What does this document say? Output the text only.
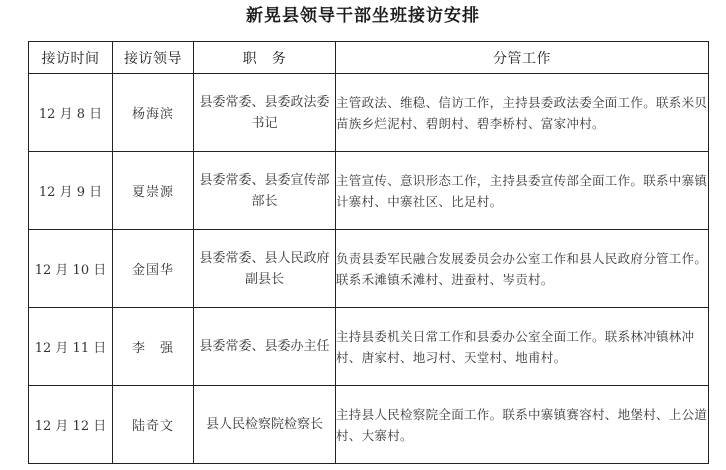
新晃县领导干部坐班接访安排
接访时间	接访领导	职　务	分管工作
12 月 8 日	杨海滨	县委常委、县委政法委书记	主管政法、维稳、信访工作，主持县委政法委全面工作。联系米贝苗族乡烂泥村、碧朗村、碧李桥村、富家冲村。
12 月 9 日	夏崇源	县委常委、县委宣传部部长	主管宣传、意识形态工作，主持县委宣传部全面工作。联系中寨镇计寨村、中寨社区、比足村。
12 月 10 日	金国华	县委常委、县人民政府副县长	负责县委军民融合发展委员会办公室工作和县人民政府分管工作。联系禾滩镇禾滩村、进蚕村、岑贡村。
12 月 11 日	李　强	县委常委、县委办主任	主持县委机关日常工作和县委办公室全面工作。联系林冲镇林冲村、唐家村、地习村、天堂村、地甫村。
12 月 12 日	陆奇文	县人民检察院检察长	主持县人民检察院全面工作。联系中寨镇赛容村、地堡村、上公道村、大寨村。
